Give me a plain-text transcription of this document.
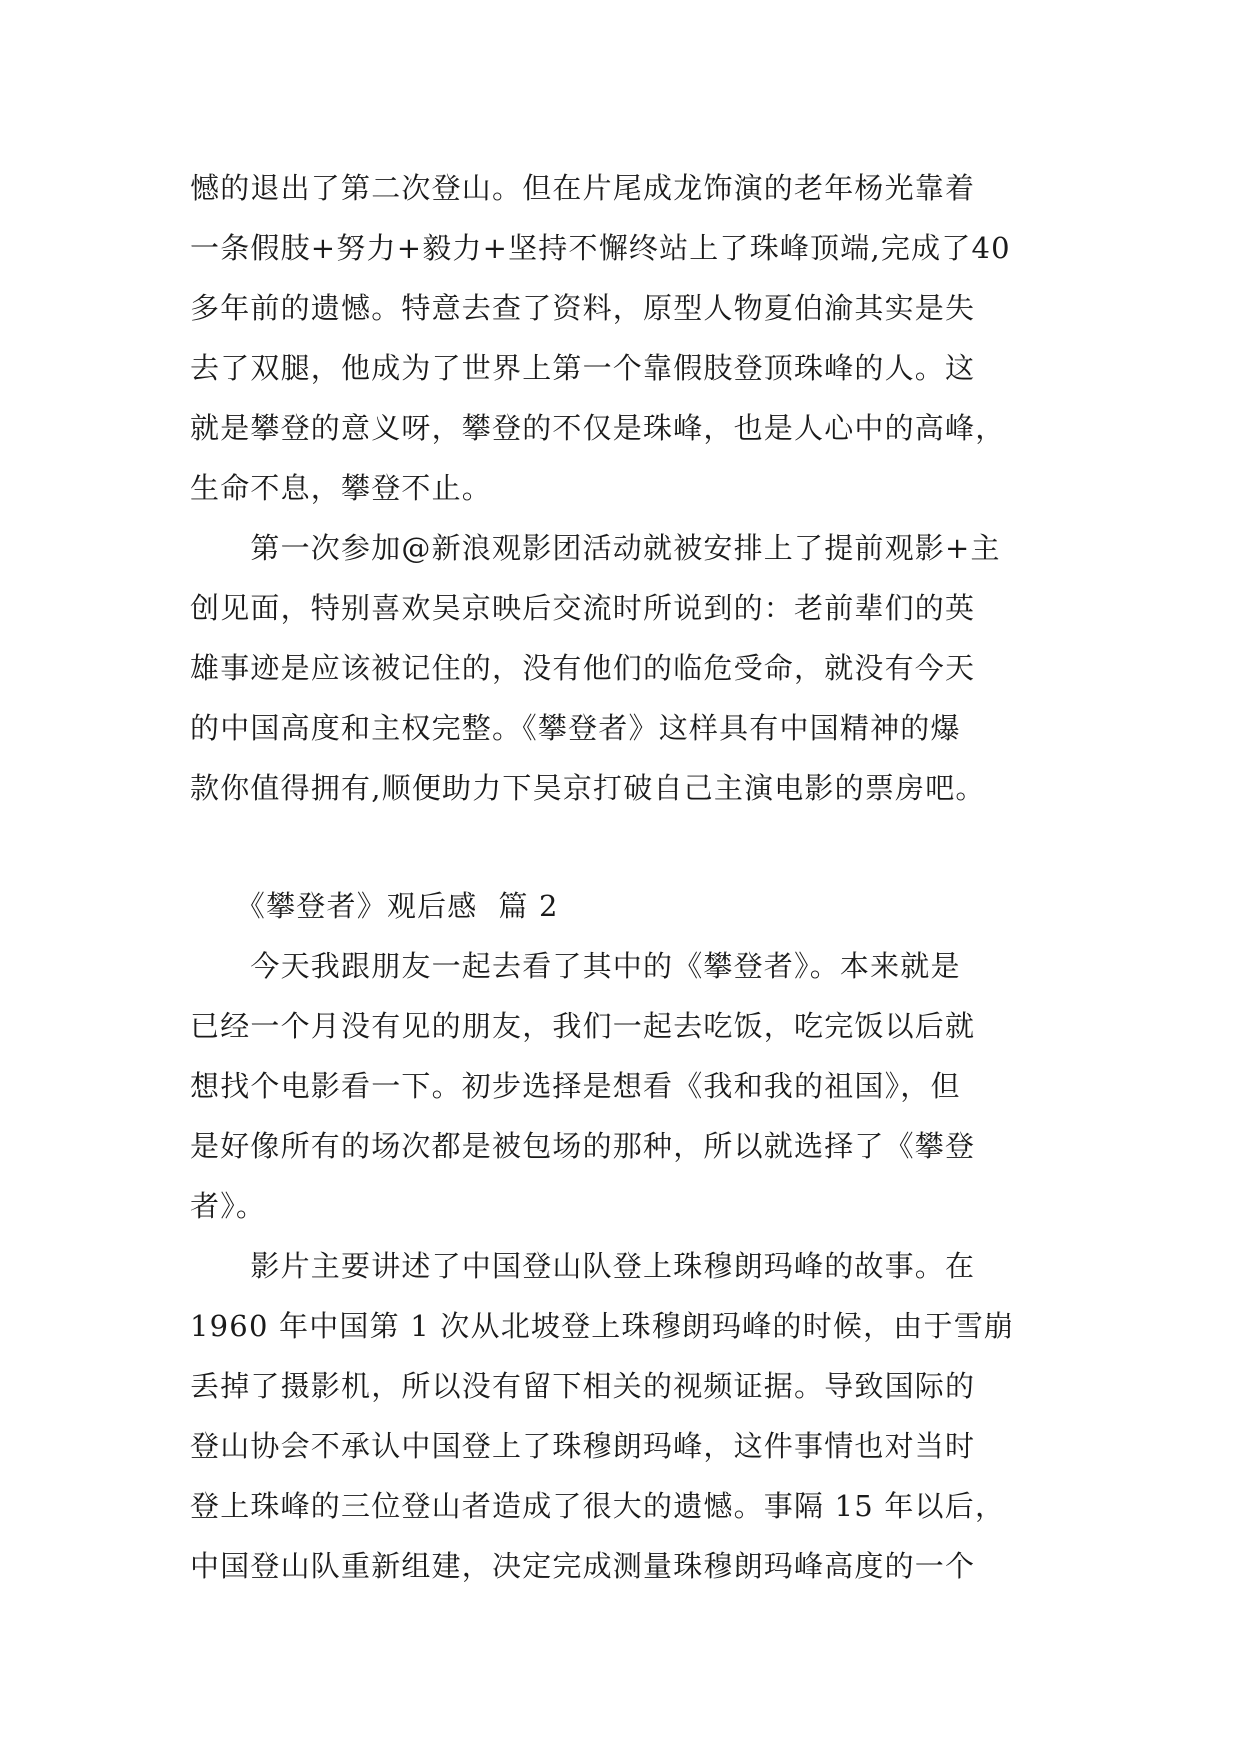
憾的退出了第二次登山。但在片尾成龙饰演的老年杨光靠着
一条假肢+努力+毅力+坚持不懈终站上了珠峰顶端,完成了40
多年前的遗憾。特意去查了资料，原型人物夏伯渝其实是失
去了双腿，他成为了世界上第一个靠假肢登顶珠峰的人。这
就是攀登的意义呀，攀登的不仅是珠峰，也是人心中的高峰，
生命不息，攀登不止。
　　第一次参加@新浪观影团活动就被安排上了提前观影+主
创见面，特别喜欢吴京映后交流时所说到的：老前辈们的英
雄事迹是应该被记住的，没有他们的临危受命，就没有今天
的中国高度和主权完整。《攀登者》这样具有中国精神的爆
款你值得拥有,顺便助力下吴京打破自己主演电影的票房吧。
　　《攀登者》观后感  篇 2
　　今天我跟朋友一起去看了其中的《攀登者》。本来就是
已经一个月没有见的朋友，我们一起去吃饭，吃完饭以后就
想找个电影看一下。初步选择是想看《我和我的祖国》，但
是好像所有的场次都是被包场的那种，所以就选择了《攀登
者》。
　　影片主要讲述了中国登山队登上珠穆朗玛峰的故事。在
1960 年中国第 1 次从北坡登上珠穆朗玛峰的时候，由于雪崩
丢掉了摄影机，所以没有留下相关的视频证据。导致国际的
登山协会不承认中国登上了珠穆朗玛峰，这件事情也对当时
登上珠峰的三位登山者造成了很大的遗憾。事隔 15 年以后，
中国登山队重新组建，决定完成测量珠穆朗玛峰高度的一个
